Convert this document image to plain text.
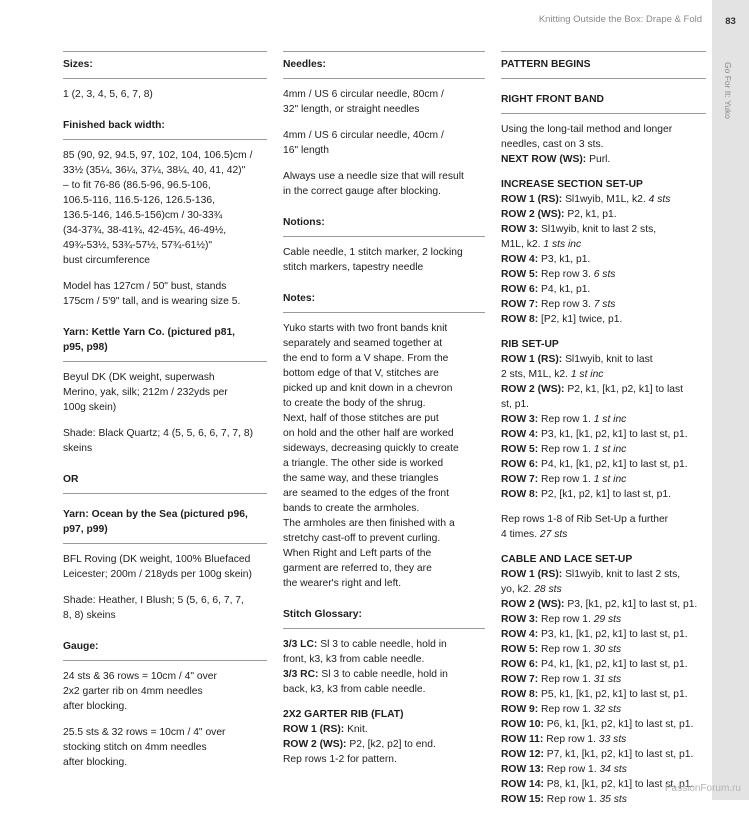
Knitting Outside the Box: Drape & Fold	83
Go For It: Yuko
Sizes:
1 (2, 3, 4, 5, 6, 7, 8)
Finished back width:
85 (90, 92, 94.5, 97, 102, 104, 106.5)cm /
33½ (35¼, 36¼, 37¼, 38¼, 40, 41, 42)"
– to fit 76-86 (86.5-96, 96.5-106,
106.5-116, 116.5-126, 126.5-136,
136.5-146, 146.5-156)cm / 30-33¾
(34-37¾, 38-41¾, 42-45¾, 46-49½,
49¾-53½, 53¾-57½, 57¾-61½)"
bust circumference
Model has 127cm / 50" bust, stands
175cm / 5'9" tall, and is wearing size 5.
Yarn: Kettle Yarn Co. (pictured p81,
p95, p98)
Beyul DK (DK weight, superwash
Merino, yak, silk; 212m / 232yds per
100g skein)
Shade: Black Quartz; 4 (5, 5, 6, 6, 7, 7, 8)
skeins
OR
Yarn: Ocean by the Sea (pictured p96,
p97, p99)
BFL Roving (DK weight, 100% Bluefaced
Leicester; 200m / 218yds per 100g skein)
Shade: Heather, I Blush; 5 (5, 6, 6, 7, 7,
8, 8) skeins
Gauge:
24 sts & 36 rows = 10cm / 4" over
2x2 garter rib on 4mm needles
after blocking.
25.5 sts & 32 rows = 10cm / 4" over
stocking stitch on 4mm needles
after blocking.
Needles:
4mm / US 6 circular needle, 80cm /
32" length, or straight needles
4mm / US 6 circular needle, 40cm /
16" length
Always use a needle size that will result
in the correct gauge after blocking.
Notions:
Cable needle, 1 stitch marker, 2 locking
stitch markers, tapestry needle
Notes:
Yuko starts with two front bands knit
separately and seamed together at
the end to form a V shape. From the
bottom edge of that V, stitches are
picked up and knit down in a chevron
to create the body of the shrug.
Next, half of those stitches are put
on hold and the other half are worked
sideways, decreasing quickly to create
a triangle. The other side is worked
the same way, and these triangles
are seamed to the edges of the front
bands to create the armholes.
The armholes are then finished with a
stretchy cast-off to prevent curling.
When Right and Left parts of the
garment are referred to, they are
the wearer's right and left.
Stitch Glossary:
3/3 LC: Sl 3 to cable needle, hold in
front, k3, k3 from cable needle.
3/3 RC: Sl 3 to cable needle, hold in
back, k3, k3 from cable needle.
2X2 GARTER RIB (FLAT)
ROW 1 (RS): Knit.
ROW 2 (WS): P2, [k2, p2] to end.
Rep rows 1-2 for pattern.
PATTERN BEGINS
RIGHT FRONT BAND
Using the long-tail method and longer
needles, cast on 3 sts.
NEXT ROW (WS): Purl.
INCREASE SECTION SET-UP
ROW 1 (RS): Sl1wyib, M1L, k2. 4 sts
ROW 2 (WS): P2, k1, p1.
ROW 3: Sl1wyib, knit to last 2 sts,
M1L, k2. 1 sts inc
ROW 4: P3, k1, p1.
ROW 5: Rep row 3. 6 sts
ROW 6: P4, k1, p1.
ROW 7: Rep row 3. 7 sts
ROW 8: [P2, k1] twice, p1.
RIB SET-UP
ROW 1 (RS): Sl1wyib, knit to last
2 sts, M1L, k2. 1 st inc
ROW 2 (WS): P2, k1, [k1, p2, k1] to last
st, p1.
ROW 3: Rep row 1. 1 st inc
ROW 4: P3, k1, [k1, p2, k1] to last st, p1.
ROW 5: Rep row 1. 1 st inc
ROW 6: P4, k1, [k1, p2, k1] to last st, p1.
ROW 7: Rep row 1. 1 st inc
ROW 8: P2, [k1, p2, k1] to last st, p1.
Rep rows 1-8 of Rib Set-Up a further
4 times. 27 sts
CABLE AND LACE SET-UP
ROW 1 (RS): Sl1wyib, knit to last 2 sts,
yo, k2. 28 sts
ROW 2 (WS): P3, [k1, p2, k1] to last st, p1.
ROW 3: Rep row 1. 29 sts
ROW 4: P3, k1, [k1, p2, k1] to last st, p1.
ROW 5: Rep row 1. 30 sts
ROW 6: P4, k1, [k1, p2, k1] to last st, p1.
ROW 7: Rep row 1. 31 sts
ROW 8: P5, k1, [k1, p2, k1] to last st, p1.
ROW 9: Rep row 1. 32 sts
ROW 10: P6, k1, [k1, p2, k1] to last st, p1.
ROW 11: Rep row 1. 33 sts
ROW 12: P7, k1, [k1, p2, k1] to last st, p1.
ROW 13: Rep row 1. 34 sts
ROW 14: P8, k1, [k1, p2, k1] to last st, p1.
ROW 15: Rep row 1. 35 sts
PassionForum.ru
